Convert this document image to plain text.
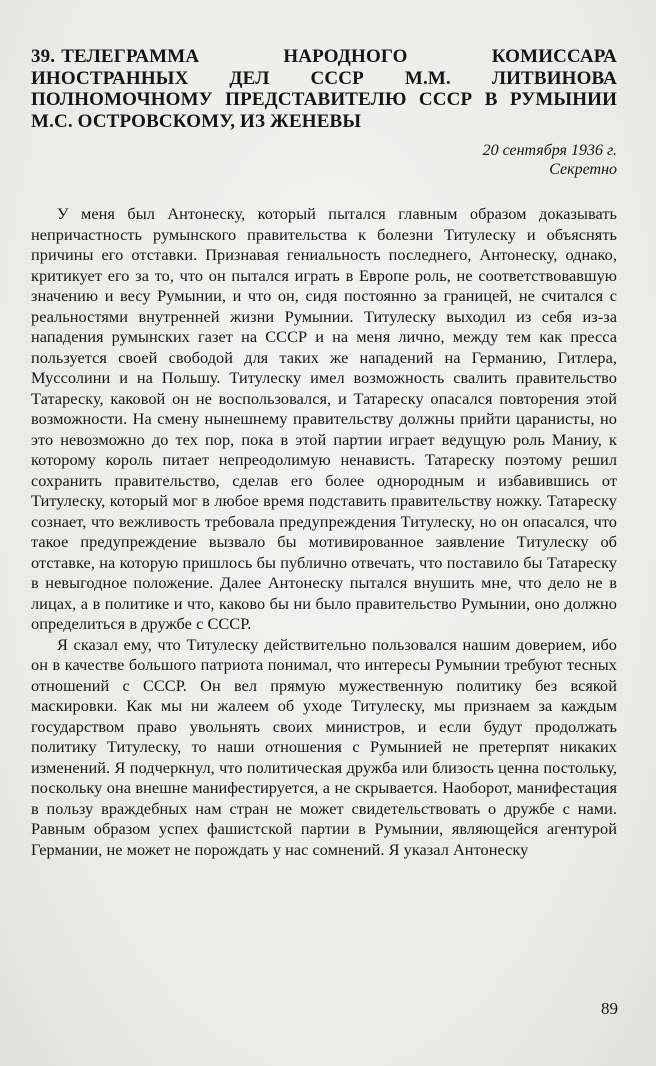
39. ТЕЛЕГРАММА НАРОДНОГО КОМИССАРА ИНОСТРАННЫХ ДЕЛ СССР М.М. ЛИТВИНОВА ПОЛНОМОЧНОМУ ПРЕДСТАВИТЕЛЮ СССР В РУМЫНИИ М.С. ОСТРОВСКОМУ, ИЗ ЖЕНЕВЫ
20 сентября 1936 г.
Секретно

У меня был Антонеску, который пытался главным образом доказывать непричастность румынского правительства к болезни Титулеску и объяснять причины его отставки. Признавая гениальность последнего, Антонеску, однако, критикует его за то, что он пытался играть в Европе роль, не соответствовавшую значению и весу Румынии, и что он, сидя постоянно за границей, не считался с реальностями внутренней жизни Румынии. Титулеску выходил из себя из-за нападения румынских газет на СССР и на меня лично, между тем как пресса пользуется своей свободой для таких же нападений на Германию, Гитлера, Муссолини и на Польшу. Титулеску имел возможность свалить правительство Татареску, каковой он не воспользовался, и Татареску опасался повторения этой возможности. На смену нынешнему правительству должны прийти царанисты, но это невозможно до тех пор, пока в этой партии играет ведущую роль Маниу, к которому король питает непреодолимую ненависть. Татареску поэтому решил сохранить правительство, сделав его более однородным и избавившись от Титулеску, который мог в любое время подставить правительству ножку. Татареску сознает, что вежливость требовала предупреждения Титулеску, но он опасался, что такое предупреждение вызвало бы мотивированное заявление Титулеску об отставке, на которую пришлось бы публично отвечать, что поставило бы Татареску в невыгодное положение. Далее Антонеску пытался внушить мне, что дело не в лицах, а в политике и что, каково бы ни было правительство Румынии, оно должно определиться в дружбе с СССР.

Я сказал ему, что Титулеску действительно пользовался нашим доверием, ибо он в качестве большого патриота понимал, что интересы Румынии требуют тесных отношений с СССР. Он вел прямую мужественную политику без всякой маскировки. Как мы ни жалеем об уходе Титулеску, мы признаем за каждым государством право увольнять своих министров, и если будут продолжать политику Титулеску, то наши отношения с Румынией не претерпят никаких изменений. Я подчеркнул, что политическая дружба или близость ценна постольку, поскольку она внешне манифестируется, а не скрывается. Наоборот, манифестация в пользу враждебных нам стран не может свидетельствовать о дружбе с нами. Равным образом успех фашистской партии в Румынии, являющейся агентурой Германии, не может не порождать у нас сомнений. Я указал Антонеску

89
